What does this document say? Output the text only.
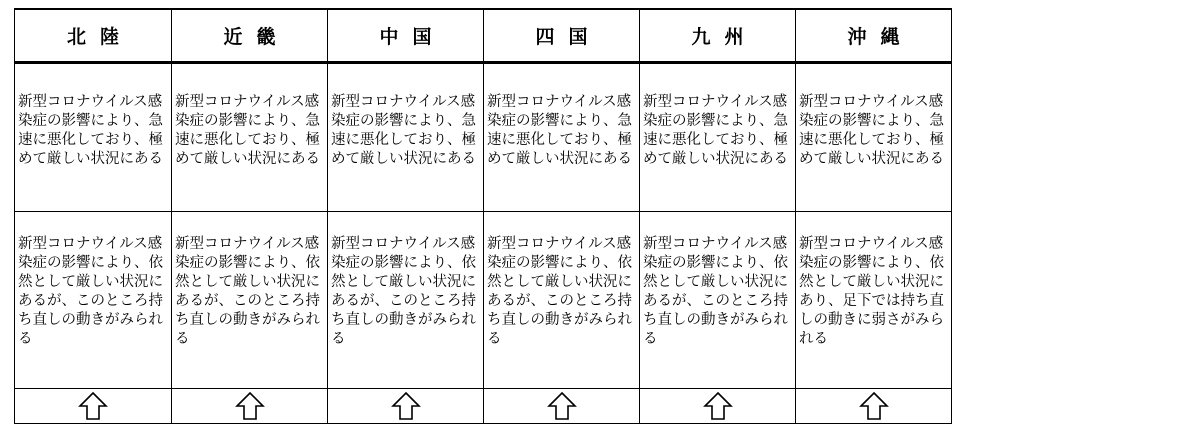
北陸	近畿	中国	四国	九州	沖縄

新型コロナウイルス感染症の影響により、急速に悪化しており、極めて厳しい状況にある	新型コロナウイルス感染症の影響により、急速に悪化しており、極めて厳しい状況にある	新型コロナウイルス感染症の影響により、急速に悪化しており、極めて厳しい状況にある	新型コロナウイルス感染症の影響により、急速に悪化しており、極めて厳しい状況にある	新型コロナウイルス感染症の影響により、急速に悪化しており、極めて厳しい状況にある	新型コロナウイルス感染症の影響により、急速に悪化しており、極めて厳しい状況にある

新型コロナウイルス感染症の影響により、依然として厳しい状況にあるが、このところ持ち直しの動きがみられる	新型コロナウイルス感染症の影響により、依然として厳しい状況にあるが、このところ持ち直しの動きがみられる	新型コロナウイルス感染症の影響により、依然として厳しい状況にあるが、このところ持ち直しの動きがみられる	新型コロナウイルス感染症の影響により、依然として厳しい状況にあるが、このところ持ち直しの動きがみられる	新型コロナウイルス感染症の影響により、依然として厳しい状況にあるが、このところ持ち直しの動きがみられる	新型コロナウイルス感染症の影響により、依然として厳しい状況にあり、足下では持ち直しの動きに弱さがみられる
